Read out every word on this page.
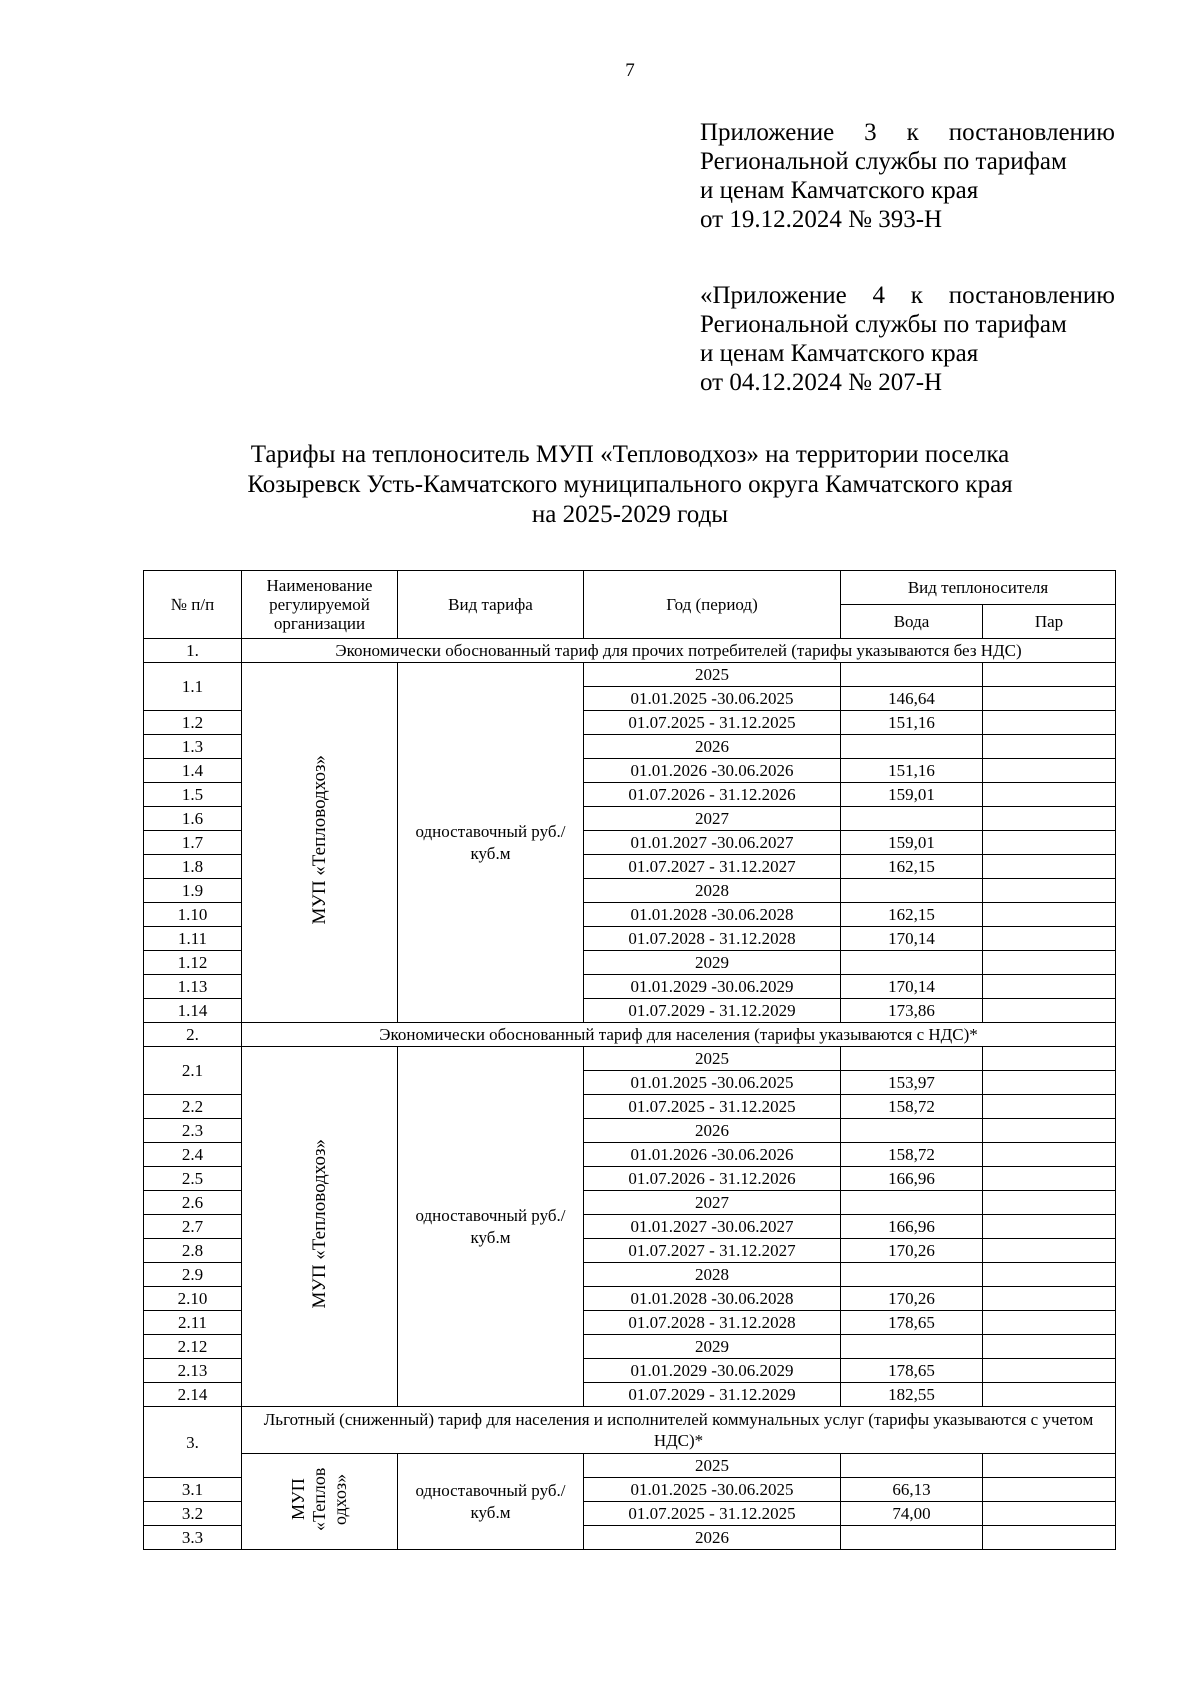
7
Приложение 3 к постановлению
Региональной службы по тарифам
и ценам Камчатского края
от 19.12.2024 № 393-Н
«Приложение 4 к постановлению
Региональной службы по тарифам
и ценам Камчатского края
от 04.12.2024 № 207-Н
Тарифы на теплоноситель МУП «Тепловодхоз» на территории поселка
Козыревск Усть-Камчатского муниципального округа Камчатского края
на 2025-2029 годы
№ п/п	Наименование регулируемой организации	Вид тарифа	Год (период)	Вид теплоносителя	
				Вода	Пар
1.	Экономически обоснованный тариф для прочих потребителей (тарифы указываются без НДС)				
1.1	МУП «Тепловодхоз»	одноставочный руб./куб.м	2025		
			01.01.2025 -30.06.2025	146,64	
1.2			01.07.2025 - 31.12.2025	151,16	
1.3			2026		
1.4			01.01.2026 -30.06.2026	151,16	
1.5			01.07.2026 - 31.12.2026	159,01	
1.6			2027		
1.7			01.01.2027 -30.06.2027	159,01	
1.8			01.07.2027 - 31.12.2027	162,15	
1.9			2028		
1.10			01.01.2028 -30.06.2028	162,15	
1.11			01.07.2028 - 31.12.2028	170,14	
1.12			2029		
1.13			01.01.2029 -30.06.2029	170,14	
1.14			01.07.2029 - 31.12.2029	173,86	
2.	Экономически обоснованный тариф для населения (тарифы указываются с НДС)*				
2.1	МУП «Тепловодхоз»	одноставочный руб./куб.м	2025		
			01.01.2025 -30.06.2025	153,97	
2.2			01.07.2025 - 31.12.2025	158,72	
2.3			2026		
2.4			01.01.2026 -30.06.2026	158,72	
2.5			01.07.2026 - 31.12.2026	166,96	
2.6			2027		
2.7			01.01.2027 -30.06.2027	166,96	
2.8			01.07.2027 - 31.12.2027	170,26	
2.9			2028		
2.10			01.01.2028 -30.06.2028	170,26	
2.11			01.07.2028 - 31.12.2028	178,65	
2.12			2029		
2.13			01.01.2029 -30.06.2029	178,65	
2.14			01.07.2029 - 31.12.2029	182,55	
3.	Льготный (сниженный) тариф для населения и исполнителей коммунальных услуг (тарифы указываются с учетом НДС)*				
	МУП «Теплов одхоз»	одноставочный руб./куб.м	2025		
3.1			01.01.2025 -30.06.2025	66,13	
3.2			01.07.2025 - 31.12.2025	74,00	
3.3			2026		
